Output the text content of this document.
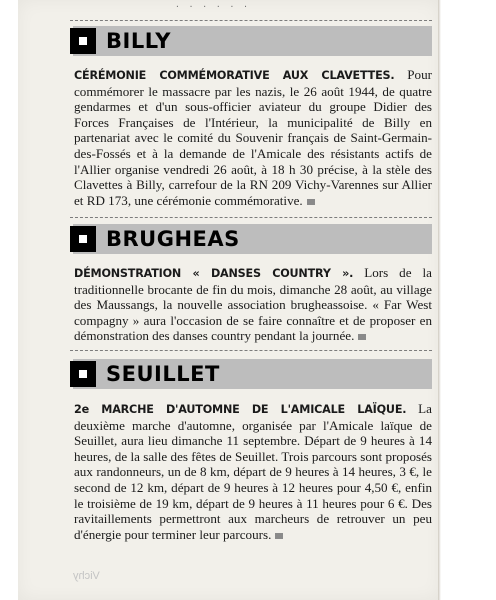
· · · · · ·
BILLY

CÉRÉMONIE COMMÉMORATIVE AUX CLAVETTES. Pour commémorer le massacre par les nazis, le 26 août 1944, de quatre gendarmes et d'un sous-officier aviateur du groupe Didier des Forces Françaises de l'Intérieur, la municipalité de Billy en partenariat avec le comité du Souvenir français de Saint-Germain-des-Fossés et à la demande de l'Amicale des résistants actifs de l'Allier organise vendredi 26 août, à 18 h 30 précise, à la stèle des Clavettes à Billy, carrefour de la RN 209 Vichy-Varennes sur Allier et RD 173, une cérémonie commémorative.

BRUGHEAS

DÉMONSTRATION « DANSES COUNTRY ». Lors de la traditionnelle brocante de fin du mois, dimanche 28 août, au village des Maussangs, la nouvelle association brugheassoise. « Far West compagny » aura l'occasion de se faire connaître et de proposer en démonstration des danses country pendant la journée.

SEUILLET

2e MARCHE D'AUTOMNE DE L'AMICALE LAÏQUE. La deuxième marche d'automne, organisée par l'Amicale laïque de Seuillet, aura lieu dimanche 11 septembre. Départ de 9 heures à 14 heures, de la salle des fêtes de Seuillet. Trois parcours sont proposés aux randonneurs, un de 8 km, départ de 9 heures à 14 heures, 3 €, le second de 12 km, départ de 9 heures à 12 heures pour 4,50 €, enfin le troisième de 19 km, départ de 9 heures à 11 heures pour 6 €. Des ravitaillements permettront aux marcheurs de retrouver un peu d'énergie pour terminer leur parcours.

Vichy
